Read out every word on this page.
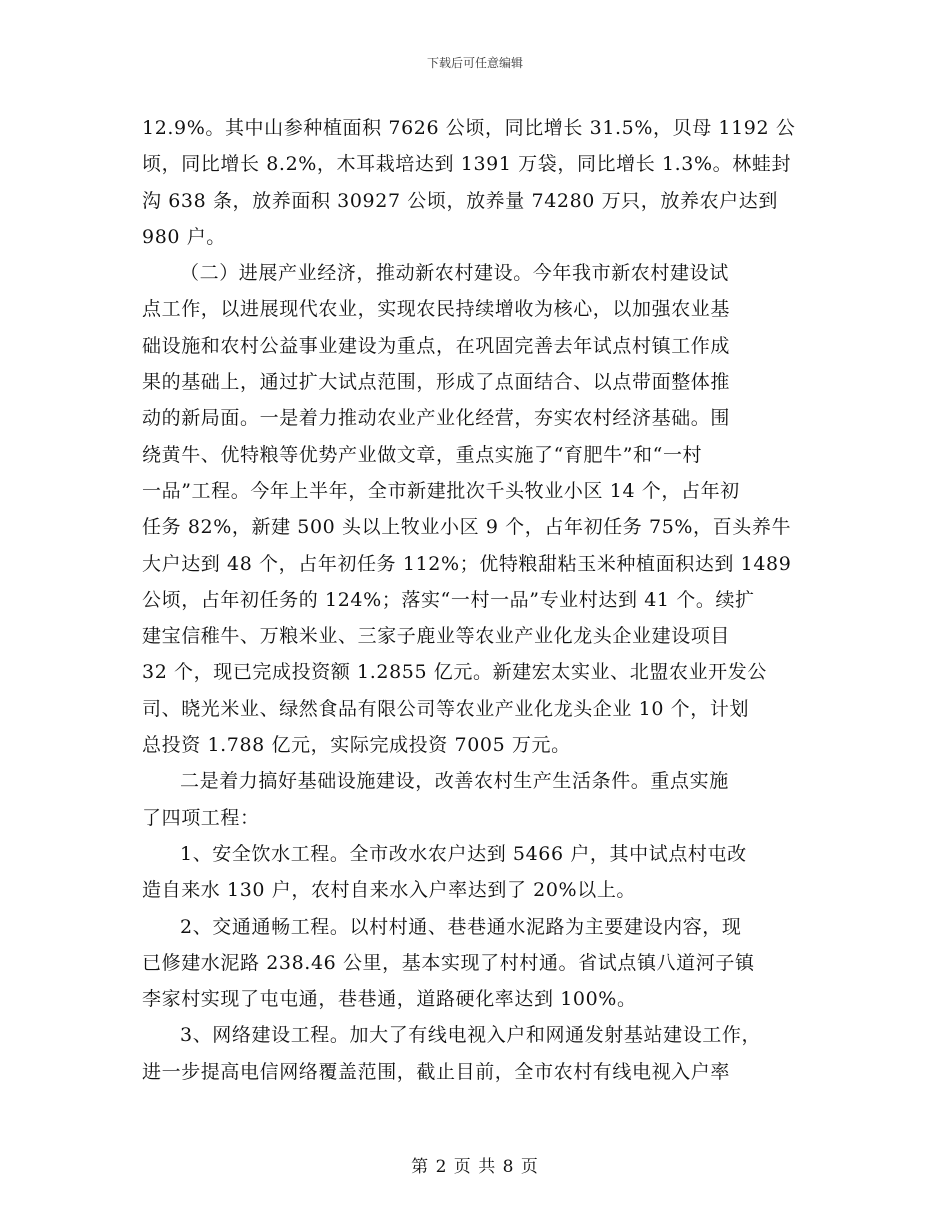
下载后可任意编辑
12.9%。其中山参种植面积 7626 公顷，同比增长 31.5%，贝母 1192 公
顷，同比增长 8.2%，木耳栽培达到 1391 万袋，同比增长 1.3%。林蛙封
沟 638 条，放养面积 30927 公顷，放养量 74280 万只，放养农户达到
980 户。
（二）进展产业经济，推动新农村建设。今年我市新农村建设试
点工作，以进展现代农业，实现农民持续增收为核心，以加强农业基
础设施和农村公益事业建设为重点，在巩固完善去年试点村镇工作成
果的基础上，通过扩大试点范围，形成了点面结合、以点带面整体推
动的新局面。一是着力推动农业产业化经营，夯实农村经济基础。围
绕黄牛、优特粮等优势产业做文章，重点实施了“育肥牛”和“一村
一品”工程。今年上半年，全市新建批次千头牧业小区 14 个，占年初
任务 82%，新建 500 头以上牧业小区 9 个，占年初任务 75%，百头养牛
大户达到 48 个，占年初任务 112%；优特粮甜粘玉米种植面积达到 1489
公顷，占年初任务的 124%；落实“一村一品”专业村达到 41 个。续扩
建宝信稚牛、万粮米业、三家子鹿业等农业产业化龙头企业建设项目
32 个，现已完成投资额 1.2855 亿元。新建宏太实业、北盟农业开发公
司、晓光米业、绿然食品有限公司等农业产业化龙头企业 10 个，计划
总投资 1.788 亿元，实际完成投资 7005 万元。
二是着力搞好基础设施建设，改善农村生产生活条件。重点实施
了四项工程：
1、安全饮水工程。全市改水农户达到 5466 户，其中试点村屯改
造自来水 130 户，农村自来水入户率达到了 20%以上。
2、交通通畅工程。以村村通、巷巷通水泥路为主要建设内容，现
已修建水泥路 238.46 公里，基本实现了村村通。省试点镇八道河子镇
李家村实现了屯屯通，巷巷通，道路硬化率达到 100%。
3、网络建设工程。加大了有线电视入户和网通发射基站建设工作，
进一步提高电信网络覆盖范围，截止目前，全市农村有线电视入户率
第 2 页 共 8 页
